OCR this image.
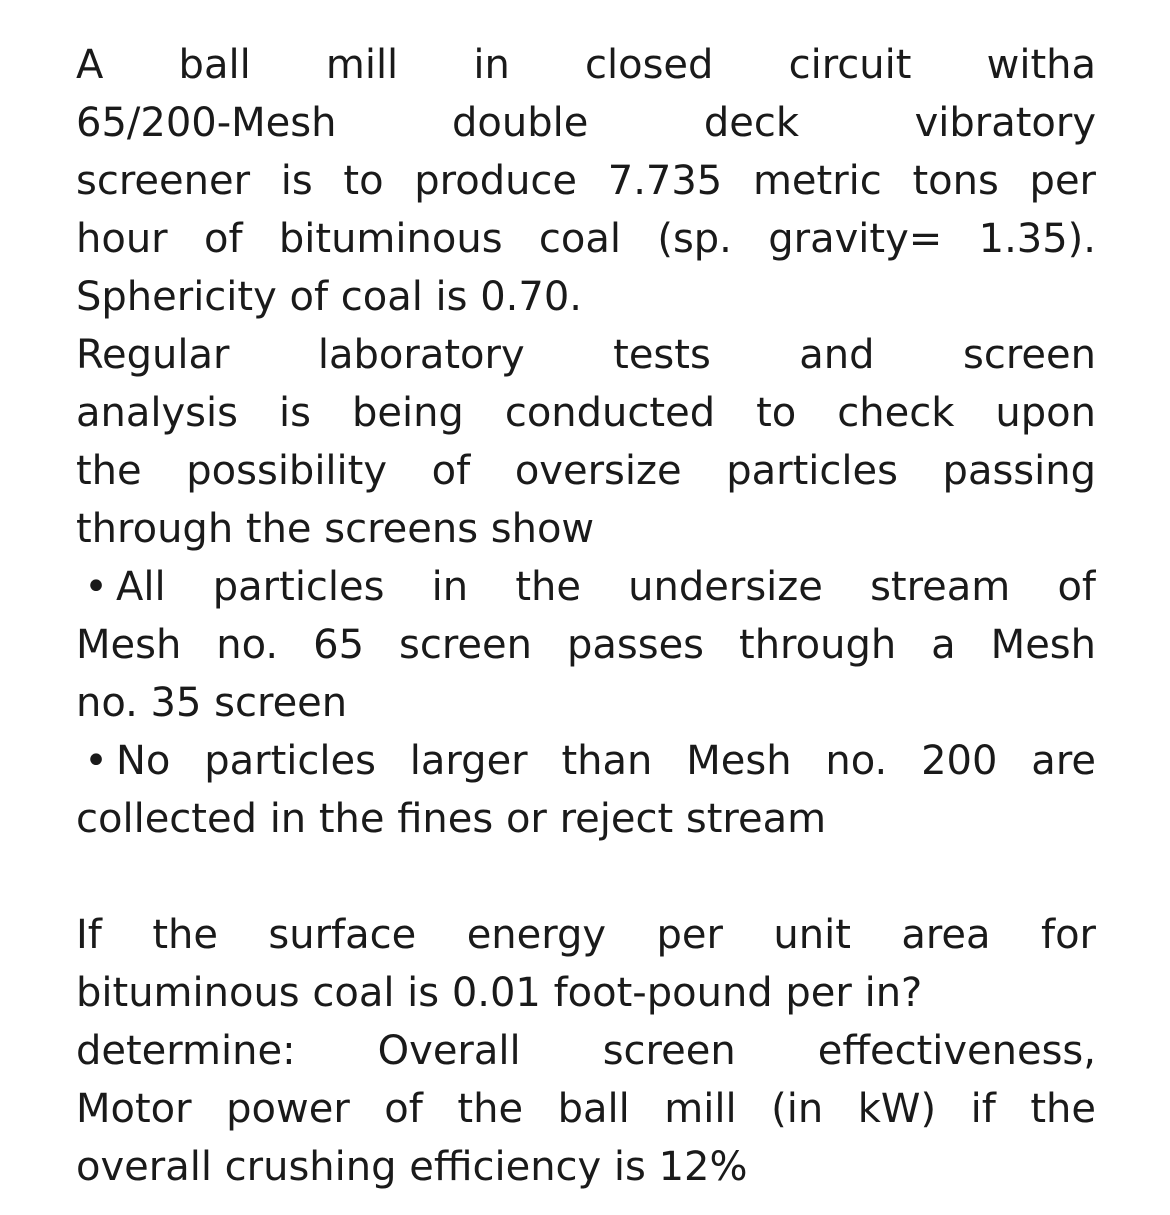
A ball mill in closed circuit witha
65/200-Mesh double deck vibratory
screener is to produce 7.735 metric tons per
hour of bituminous coal (sp. gravity= 1.35).
Sphericity of coal is 0.70.
Regular laboratory tests and screen
analysis is being conducted to check upon
the possibility of oversize particles passing
through the screens show
• All particles in the undersize stream of
Mesh no. 65 screen passes through a Mesh
no. 35 screen
• No particles larger than Mesh no. 200 are
collected in the fines or reject stream
If the surface energy per unit area for
bituminous coal is 0.01 foot-pound per in?
determine: Overall screen effectiveness,
Motor power of the ball mill (in kW) if the
overall crushing efficiency is 12%
